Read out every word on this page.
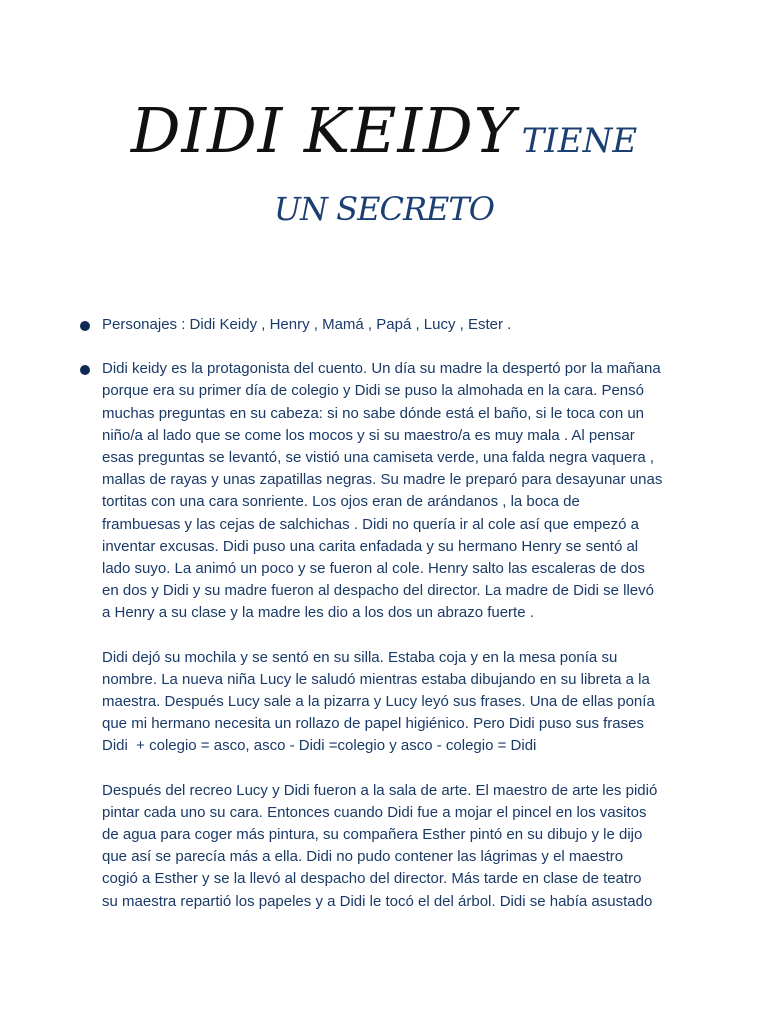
DIDI KEIDY TIENE
UN SECRETO
Personajes : Didi Keidy , Henry , Mamá , Papá , Lucy , Ester .

Didi keidy es la protagonista del cuento. Un día su madre la despertó por la mañana

porque era su primer día de colegio y Didi se puso la almohada en la cara. Pensó

muchas preguntas en su cabeza: si no sabe dónde está el baño, si le toca con un

niño/a al lado que se come los mocos y si su maestro/a es muy mala . Al pensar

esas preguntas se levantó, se vistió una camiseta verde, una falda negra vaquera ,

mallas de rayas y unas zapatillas negras. Su madre le preparó para desayunar unas

tortitas con una cara sonriente. Los ojos eran de arándanos , la boca de

frambuesas y las cejas de salchichas . Didi no quería ir al cole así que empezó a

inventar excusas. Didi puso una carita enfadada y su hermano Henry se sentó al

lado suyo. La animó un poco y se fueron al cole. Henry salto las escaleras de dos

en dos y Didi y su madre fueron al despacho del director. La madre de Didi se llevó

a Henry a su clase y la madre les dio a los dos un abrazo fuerte .

Didi dejó su mochila y se sentó en su silla. Estaba coja y en la mesa ponía su

nombre. La nueva niña Lucy le saludó mientras estaba dibujando en su libreta a la

maestra. Después Lucy sale a la pizarra y Lucy leyó sus frases. Una de ellas ponía

que mi hermano necesita un rollazo de papel higiénico. Pero Didi puso sus frases

Didi  + colegio = asco, asco - Didi =colegio y asco - colegio = Didi

Después del recreo Lucy y Didi fueron a la sala de arte. El maestro de arte les pidió

pintar cada uno su cara. Entonces cuando Didi fue a mojar el pincel en los vasitos

de agua para coger más pintura, su compañera Esther pintó en su dibujo y le dijo

que así se parecía más a ella. Didi no pudo contener las lágrimas y el maestro

cogió a Esther y se la llevó al despacho del director. Más tarde en clase de teatro

su maestra repartió los papeles y a Didi le tocó el del árbol. Didi se había asustado
